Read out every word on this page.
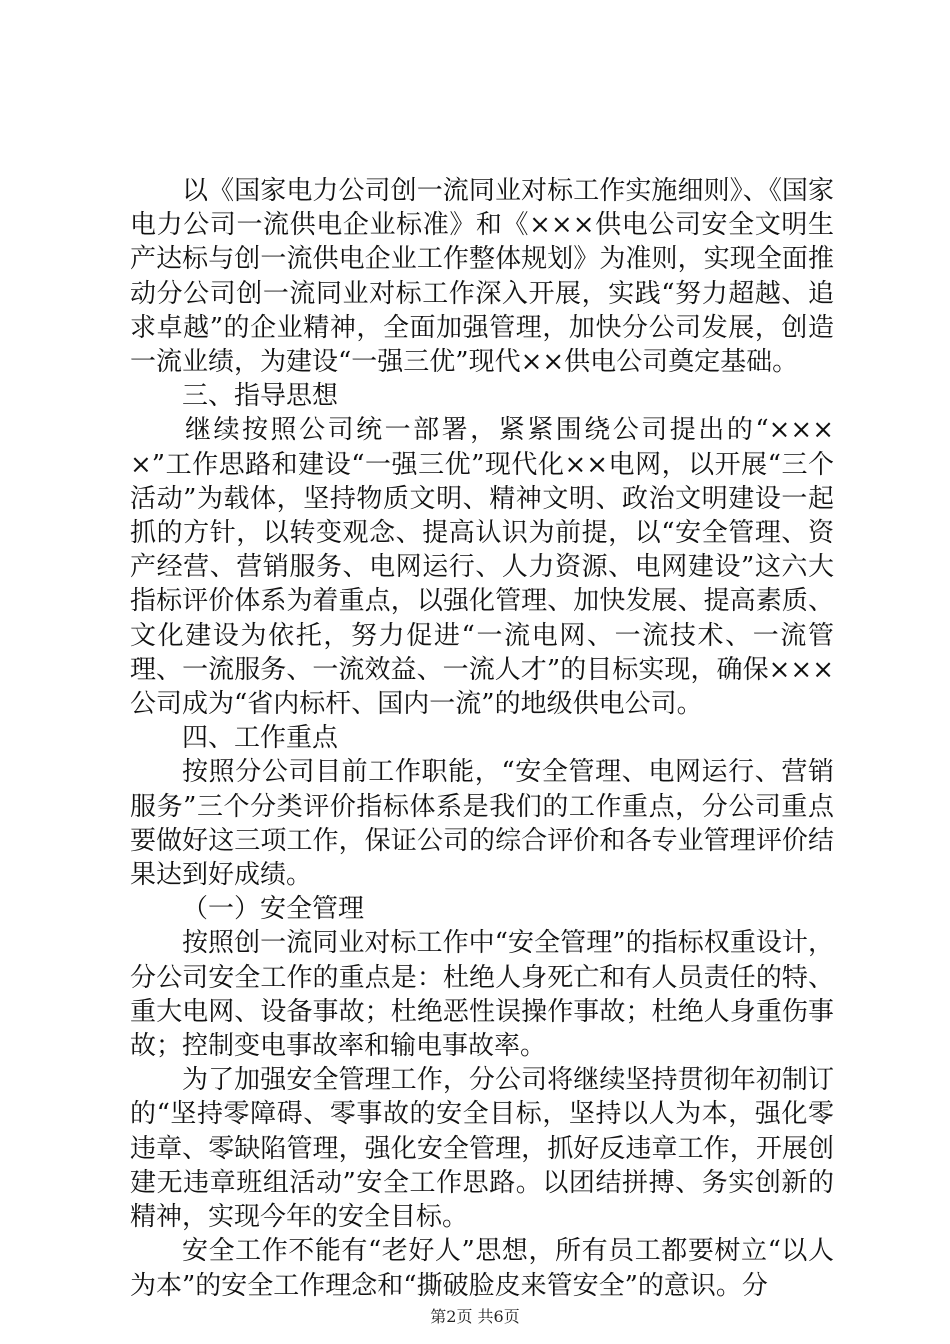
以《国家电力公司创一流同业对标工作实施细则》、《国家电力公司一流供电企业标准》和《×××供电公司安全文明生产达标与创一流供电企业工作整体规划》为准则，实现全面推动分公司创一流同业对标工作深入开展，实践“努力超越、追求卓越”的企业精神，全面加强管理，加快分公司发展，创造一流业绩，为建设“一强三优”现代××供电公司奠定基础。

三、指导思想

继续按照公司统一部署，紧紧围绕公司提出的“××××”工作思路和建设“一强三优”现代化××电网，以开展“三个活动”为载体，坚持物质文明、精神文明、政治文明建设一起抓的方针，以转变观念、提高认识为前提，以“安全管理、资产经营、营销服务、电网运行、人力资源、电网建设”这六大指标评价体系为着重点，以强化管理、加快发展、提高素质、文化建设为依托，努力促进“一流电网、一流技术、一流管理、一流服务、一流效益、一流人才”的目标实现，确保×××公司成为“省内标杆、国内一流”的地级供电公司。

四、工作重点

按照分公司目前工作职能，“安全管理、电网运行、营销服务”三个分类评价指标体系是我们的工作重点，分公司重点要做好这三项工作，保证公司的综合评价和各专业管理评价结果达到好成绩。

（一）安全管理

按照创一流同业对标工作中“安全管理”的指标权重设计，分公司安全工作的重点是：杜绝人身死亡和有人员责任的特、重大电网、设备事故；杜绝恶性误操作事故；杜绝人身重伤事故；控制变电事故率和输电事故率。

为了加强安全管理工作，分公司将继续坚持贯彻年初制订的“坚持零障碍、零事故的安全目标，坚持以人为本，强化零违章、零缺陷管理，强化安全管理，抓好反违章工作，开展创建无违章班组活动”安全工作思路。以团结拼搏、务实创新的精神，实现今年的安全目标。

安全工作不能有“老好人”思想，所有员工都要树立“以人为本”的安全工作理念和“撕破脸皮来管安全”的意识。分

第2页 共6页
